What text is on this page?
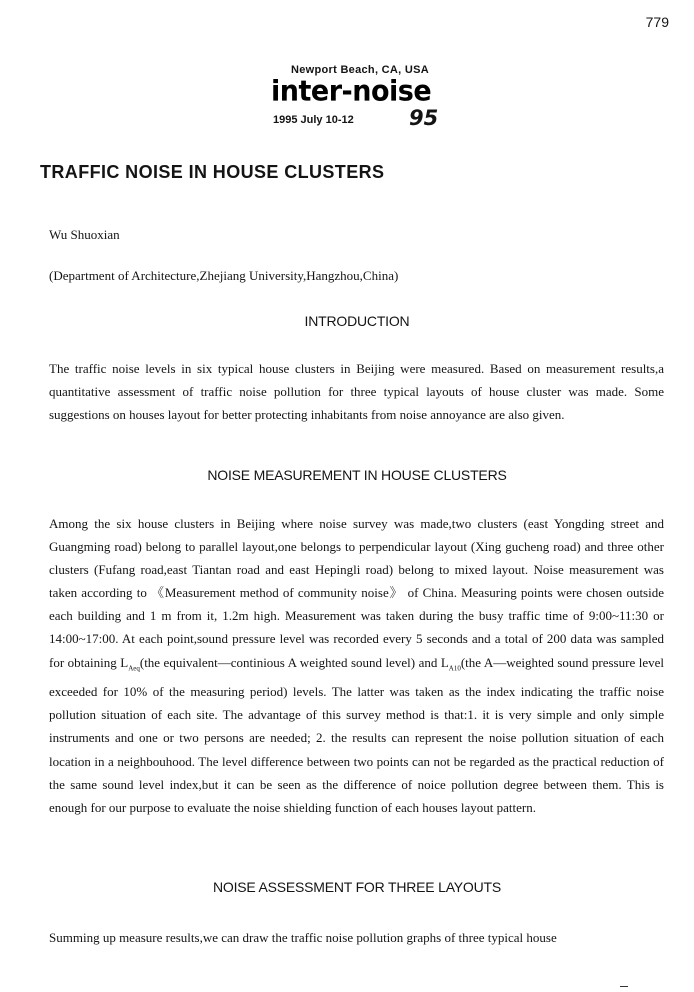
779
Newport Beach, CA, USA
inter-noise
1995 July 10-12	95
TRAFFIC NOISE IN HOUSE CLUSTERS
Wu Shuoxian
(Department of Architecture,Zhejiang University,Hangzhou,China)
INTRODUCTION
The traffic noise levels in six typical house clusters in Beijing were measured. Based on measurement results,a quantitative assessment of traffic noise pollution for three typical layouts of house cluster was made. Some suggestions on houses layout for better protecting inhabitants from noise annoyance are also given.
NOISE MEASUREMENT IN HOUSE CLUSTERS
Among the six house clusters in Beijing where noise survey was made,two clusters (east Yongding street and Guangming road) belong to parallel layout,one belongs to perpendicular layout (Xing gucheng road) and three other clusters (Fufang road,east Tiantan road and east Hepingli road) belong to mixed layout. Noise measurement was taken according to 《Measurement method of community noise》 of China. Measuring points were chosen outside each building and 1 m from it, 1.2m high. Measurement was taken during the busy traffic time of 9:00~11:30 or 14:00~17:00. At each point,sound pressure level was recorded every 5 seconds and a total of 200 data was sampled for obtaining $L_{Aeq}(the$ equivalent—continious A weighted sound level) and $L_{A10}(the$ A—weighted sound pressure level exceeded for 10% of the measuring period) levels. The latter was taken as the index indicating the traffic noise pollution situation of each site. The advantage of this survey method is that:1. it is very simple and only simple instruments and one or two persons are needed; 2. the results can represent the noise pollution situation of each location in a neighbouhood. The level difference between two points can not be regarded as the practical reduction of the same sound level index,but it can be seen as the difference of noice pollution degree between them. This is enough for our purpose to evaluate the noise shielding function of each houses layout pattern.
NOISE ASSESSMENT FOR THREE LAYOUTS
Summing up measure results,we can draw the traffic noise pollution graphs of three typical house
